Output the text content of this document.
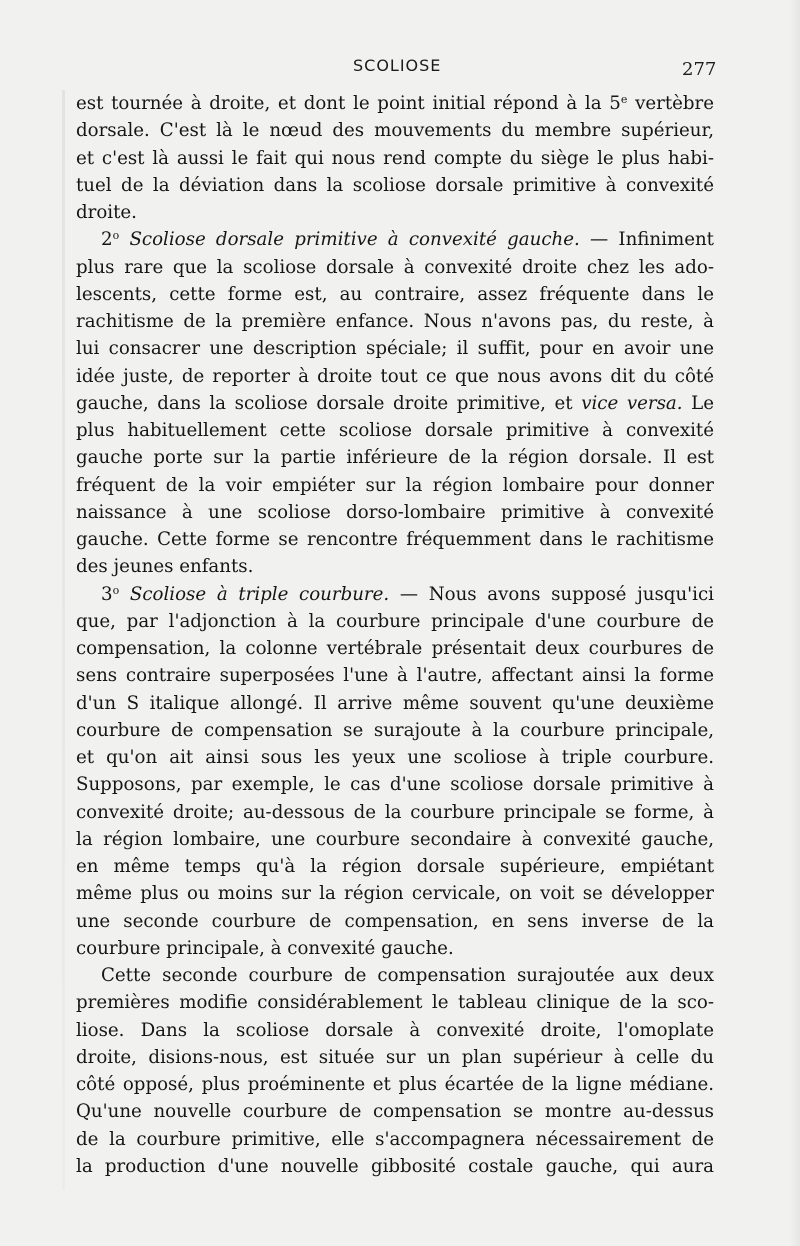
SCOLIOSE	277
est tournée à droite, et dont le point initial répond à la 5e vertèbre
dorsale. C'est là le nœud des mouvements du membre supérieur,
et c'est là aussi le fait qui nous rend compte du siège le plus habi-
tuel de la déviation dans la scoliose dorsale primitive à convexité
droite.
2$^o$ Scoliose dorsale primitive à convexité gauche. — Infiniment
plus rare que la scoliose dorsale à convexité droite chez les ado-
lescents, cette forme est, au contraire, assez fréquente dans le
rachitisme de la première enfance. Nous n'avons pas, du reste, à
lui consacrer une description spéciale; il suffit, pour en avoir une
idée juste, de reporter à droite tout ce que nous avons dit du côté
gauche, dans la scoliose dorsale droite primitive, et vice versa. Le
plus habituellement cette scoliose dorsale primitive à convexité
gauche porte sur la partie inférieure de la région dorsale. Il est
fréquent de la voir empiéter sur la région lombaire pour donner
naissance à une scoliose dorso-lombaire primitive à convexité
gauche. Cette forme se rencontre fréquemment dans le rachitisme
des jeunes enfants.
3$^o$ Scoliose à triple courbure. — Nous avons supposé jusqu'ici
que, par l'adjonction à la courbure principale d'une courbure de
compensation, la colonne vertébrale présentait deux courbures de
sens contraire superposées l'une à l'autre, affectant ainsi la forme
d'un S italique allongé. Il arrive même souvent qu'une deuxième
courbure de compensation se surajoute à la courbure principale,
et qu'on ait ainsi sous les yeux une scoliose à triple courbure.
Supposons, par exemple, le cas d'une scoliose dorsale primitive à
convexité droite; au-dessous de la courbure principale se forme, à
la région lombaire, une courbure secondaire à convexité gauche,
en même temps qu'à la région dorsale supérieure, empiétant
même plus ou moins sur la région cervicale, on voit se développer
une seconde courbure de compensation, en sens inverse de la
courbure principale, à convexité gauche.
Cette seconde courbure de compensation surajoutée aux deux
premières modifie considérablement le tableau clinique de la sco-
liose. Dans la scoliose dorsale à convexité droite, l'omoplate
droite, disions-nous, est située sur un plan supérieur à celle du
côté opposé, plus proéminente et plus écartée de la ligne médiane.
Qu'une nouvelle courbure de compensation se montre au-dessus
de la courbure primitive, elle s'accompagnera nécessairement de
la production d'une nouvelle gibbosité costale gauche, qui aura
